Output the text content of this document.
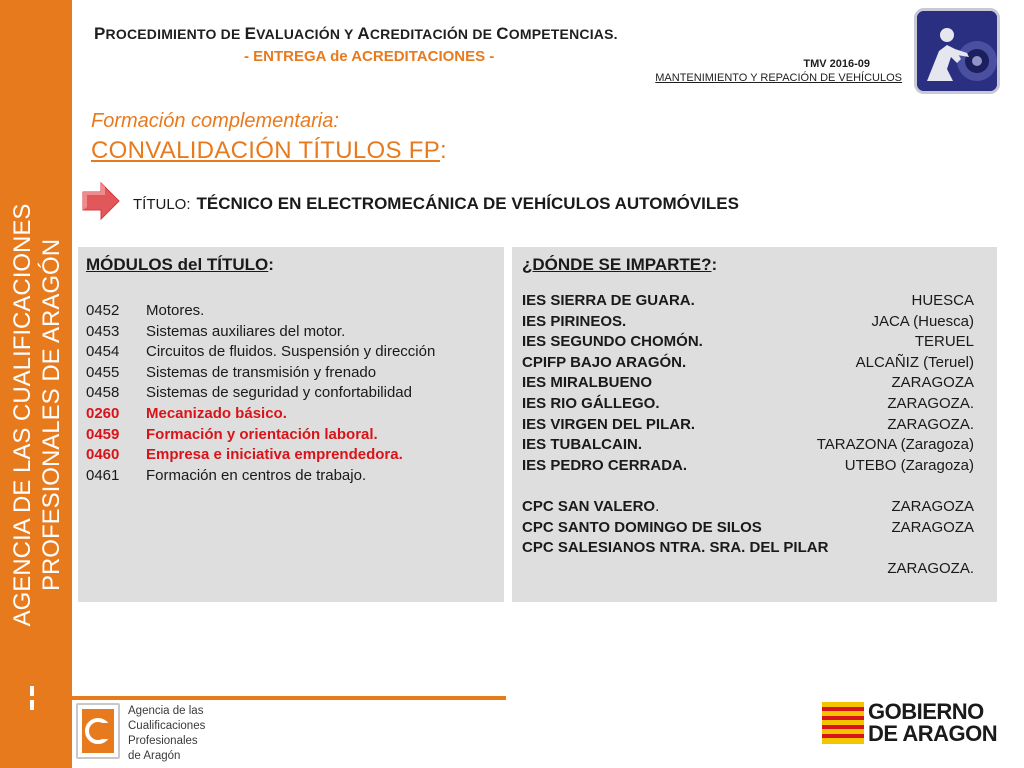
AGENCIA DE LAS CUALIFICACIONES PROFESIONALES DE ARAGÓN
PROCEDIMIENTO DE EVALUACIÓN Y ACREDITACIÓN DE COMPETENCIAS.
- ENTREGA de ACREDITACIONES -	TMV 2016-09
MANTENIMIENTO Y REPACIÓN DE VEHÍCULOS
Formación complementaria:
CONVALIDACIÓN TÍTULOS FP:
TÍTULO: TÉCNICO EN ELECTROMECÁNICA DE VEHÍCULOS AUTOMÓVILES
MÓDULOS del TÍTULO:
0452 Motores.
0453 Sistemas auxiliares del motor.
0454 Circuitos de fluidos. Suspensión y dirección
0455 Sistemas de transmisión y frenado
0458 Sistemas de seguridad y confortabilidad
0260 Mecanizado básico.
0459 Formación y orientación laboral.
0460 Empresa e iniciativa emprendedora.
0461 Formación en centros de trabajo.
¿DÓNDE SE IMPARTE?:
IES SIERRA DE GUARA.	HUESCA
IES PIRINEOS.	JACA (Huesca)
IES SEGUNDO CHOMÓN.	TERUEL
CPIFP BAJO ARAGÓN.	ALCAÑIZ (Teruel)
IES MIRALBUENO	ZARAGOZA
IES RIO GÁLLEGO.	ZARAGOZA.
IES VIRGEN DEL PILAR.	ZARAGOZA.
IES TUBALCAIN.	TARAZONA (Zaragoza)
IES PEDRO CERRADA.	UTEBO (Zaragoza)
CPC SAN VALERO.	ZARAGOZA
CPC SANTO DOMINGO DE SILOS	ZARAGOZA
CPC SALESIANOS NTRA. SRA. DEL PILAR
ZARAGOZA.
Agencia de las
Cualificaciones
Profesionales
de Aragón
GOBIERNO
DE ARAGON
